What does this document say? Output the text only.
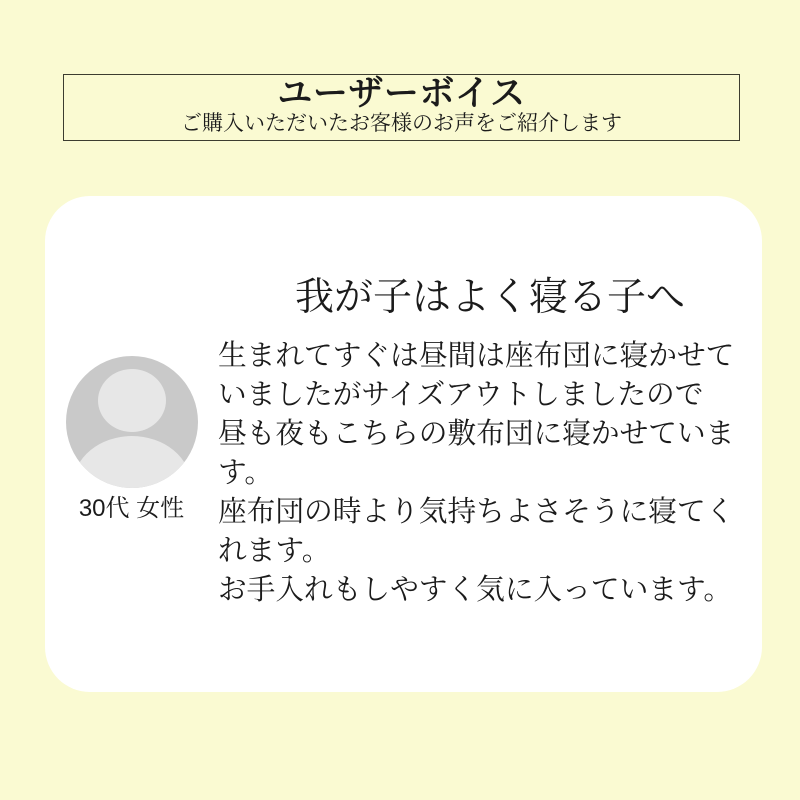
ユーザーボイス
ご購入いただいたお客様のお声をご紹介します
我が子はよく寝る子へ
30代 女性
生まれてすぐは昼間は座布団に寝かせて
いましたがサイズアウトしましたので
昼も夜もこちらの敷布団に寝かせていま
す。
座布団の時より気持ちよさそうに寝てく
れます。
お手入れもしやすく気に入っています。
